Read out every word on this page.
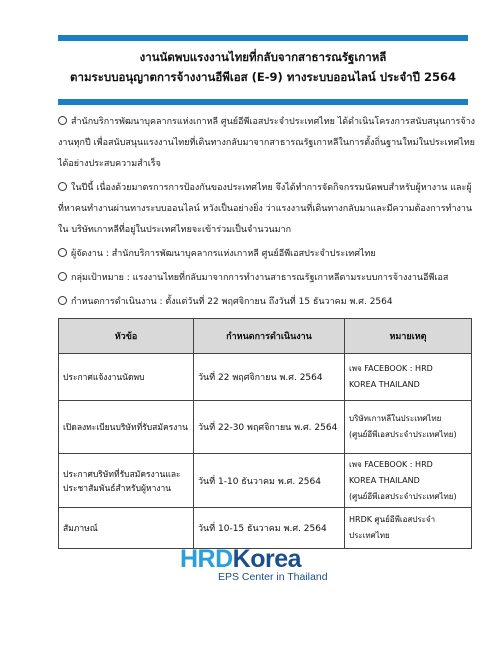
งานนัดพบแรงงานไทยที่กลับจากสาธารณรัฐเกาหลี
ตามระบบอนุญาตการจ้างงานอีพีเอส (E-9) ทางระบบออนไลน์ ประจำปี 2564
สำนักบริการพัฒนาบุคลากรแห่งเกาหลี ศูนย์อีพีเอสประจำประเทศไทย ได้ดำเนินโครงการสนับสนุนการจ้างงานทุกปี เพื่อสนับสนุนแรงงานไทยที่เดินทางกลับมาจากสาธารณรัฐเกาหลีในการตั้งถิ่นฐานใหม่ในประเทศไทยได้อย่างประสบความสำเร็จ
ในปีนี้ เนื่องด้วยมาตรการการป้องกันของประเทศไทย จึงได้ทำการจัดกิจกรรมนัดพบสำหรับผู้หางาน และผู้ที่หาคนทำงานผ่านทางระบบออนไลน์ หวังเป็นอย่างยิ่ง ว่าแรงงานที่เดินทางกลับมาและมีความต้องการทำงานใน บริษัทเกาหลีที่อยู่ในประเทศไทยจะเข้าร่วมเป็นจำนวนมาก
ผู้จัดงาน : สำนักบริการพัฒนาบุคลากรแห่งเกาหลี ศูนย์อีพีเอสประจำประเทศไทย
กลุ่มเป้าหมาย : แรงงานไทยที่กลับมาจากการทำงานสาธารณรัฐเกาหลีตามระบบการจ้างงานอีพีเอส
กำหนดการดำเนินงาน : ตั้งแต่วันที่ 22 พฤศจิกายน ถึงวันที่ 15 ธันวาคม พ.ศ. 2564
หัวข้อ	กำหนดการดำเนินงาน	หมายเหตุ
ประกาศแจ้งงานนัดพบ	วันที่ 22 พฤศจิกายน พ.ศ. 2564	เพจ FACEBOOK : HRD
KOREA THAILAND

เปิดลงทะเบียนบริษัทที่รับสมัครงาน	วันที่ 22-30 พฤศจิกายน พ.ศ. 2564	บริษัทเกาหลีในประเทศไทย
(ศูนย์อีพีเอสประจำประเทศไทย)

ประกาศบริษัทที่รับสมัครงานและประชาสัมพันธ์สำหรับผู้หางาน	วันที่ 1-10 ธันวาคม พ.ศ. 2564	เพจ FACEBOOK : HRD
KOREA THAILAND
(ศูนย์อีพีเอสประจำประเทศไทย)

สัมภาษณ์	วันที่ 10-15 ธันวาคม พ.ศ. 2564	HRDK ศูนย์อีพีเอสประจำ
ประเทศไทย
HRDKorea
EPS Center in Thailand
